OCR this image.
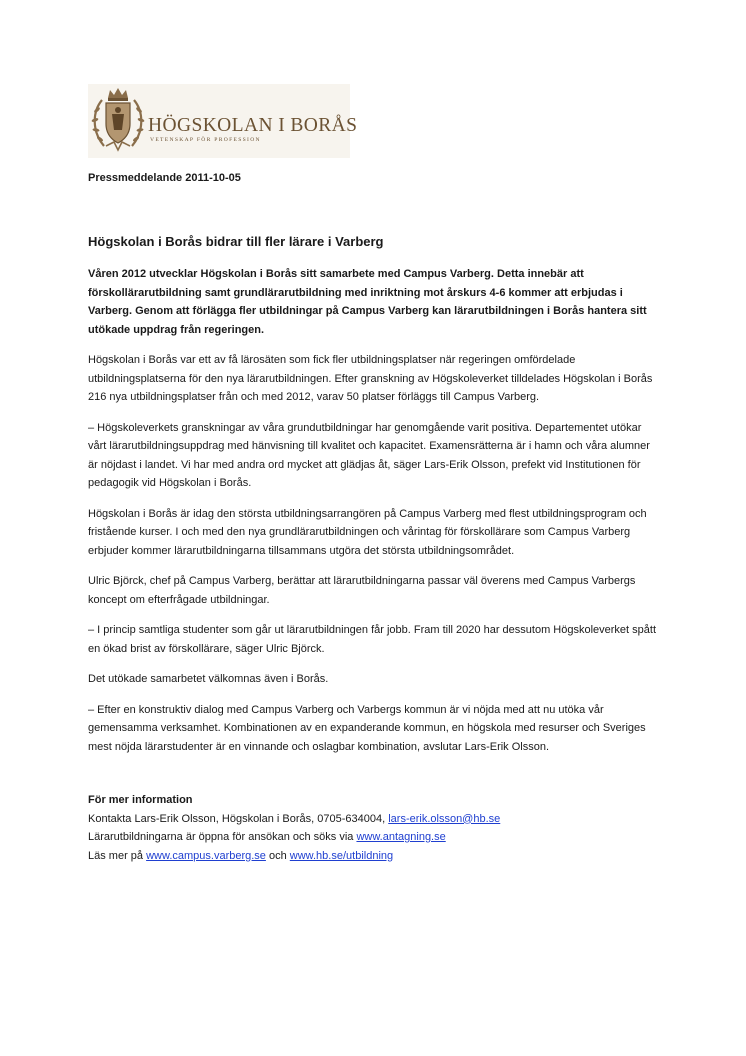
HÖGSKOLAN I BORÅS
VETENSKAP FÖR PROFESSION
Pressmeddelande 2011-10-05
Högskolan i Borås bidrar till fler lärare i Varberg

Våren 2012 utvecklar Högskolan i Borås sitt samarbete med Campus Varberg. Detta innebär att förskollärarutbildning samt grundlärarutbildning med inriktning mot årskurs 4-6 kommer att erbjudas i Varberg. Genom att förlägga fler utbildningar på Campus Varberg kan lärarutbildningen i Borås hantera sitt utökade uppdrag från regeringen.

Högskolan i Borås var ett av få lärosäten som fick fler utbildningsplatser när regeringen omfördelade utbildningsplatserna för den nya lärarutbildningen. Efter granskning av Högskoleverket tilldelades Högskolan i Borås 216 nya utbildningsplatser från och med 2012, varav 50 platser förläggs till Campus Varberg.

– Högskoleverkets granskningar av våra grundutbildningar har genomgående varit positiva. Departementet utökar vårt lärarutbildningsuppdrag med hänvisning till kvalitet och kapacitet. Examensrätterna är i hamn och våra alumner är nöjdast i landet. Vi har med andra ord mycket att glädjas åt, säger Lars-Erik Olsson, prefekt vid Institutionen för pedagogik vid Högskolan i Borås.

Högskolan i Borås är idag den största utbildningsarrangören på Campus Varberg med flest utbildningsprogram och fristående kurser. I och med den nya grundlärarutbildningen och vårintag för förskollärare som Campus Varberg erbjuder kommer lärarutbildningarna tillsammans utgöra det största utbildningsområdet.

Ulric Björck, chef på Campus Varberg, berättar att lärarutbildningarna passar väl överens med Campus Varbergs koncept om efterfrågade utbildningar.

– I princip samtliga studenter som går ut lärarutbildningen får jobb. Fram till 2020 har dessutom Högskoleverket spått en ökad brist av förskollärare, säger Ulric Björck.

Det utökade samarbetet välkomnas även i Borås.

– Efter en konstruktiv dialog med Campus Varberg och Varbergs kommun är vi nöjda med att nu utöka vår gemensamma verksamhet. Kombinationen av en expanderande kommun, en högskola med resurser och Sveriges mest nöjda lärarstudenter är en vinnande och oslagbar kombination, avslutar Lars-Erik Olsson.

För mer information
Kontakta Lars-Erik Olsson, Högskolan i Borås, 0705-634004, lars-erik.olsson@hb.se
Lärarutbildningarna är öppna för ansökan och söks via www.antagning.se
Läs mer på www.campus.varberg.se och www.hb.se/utbildning
